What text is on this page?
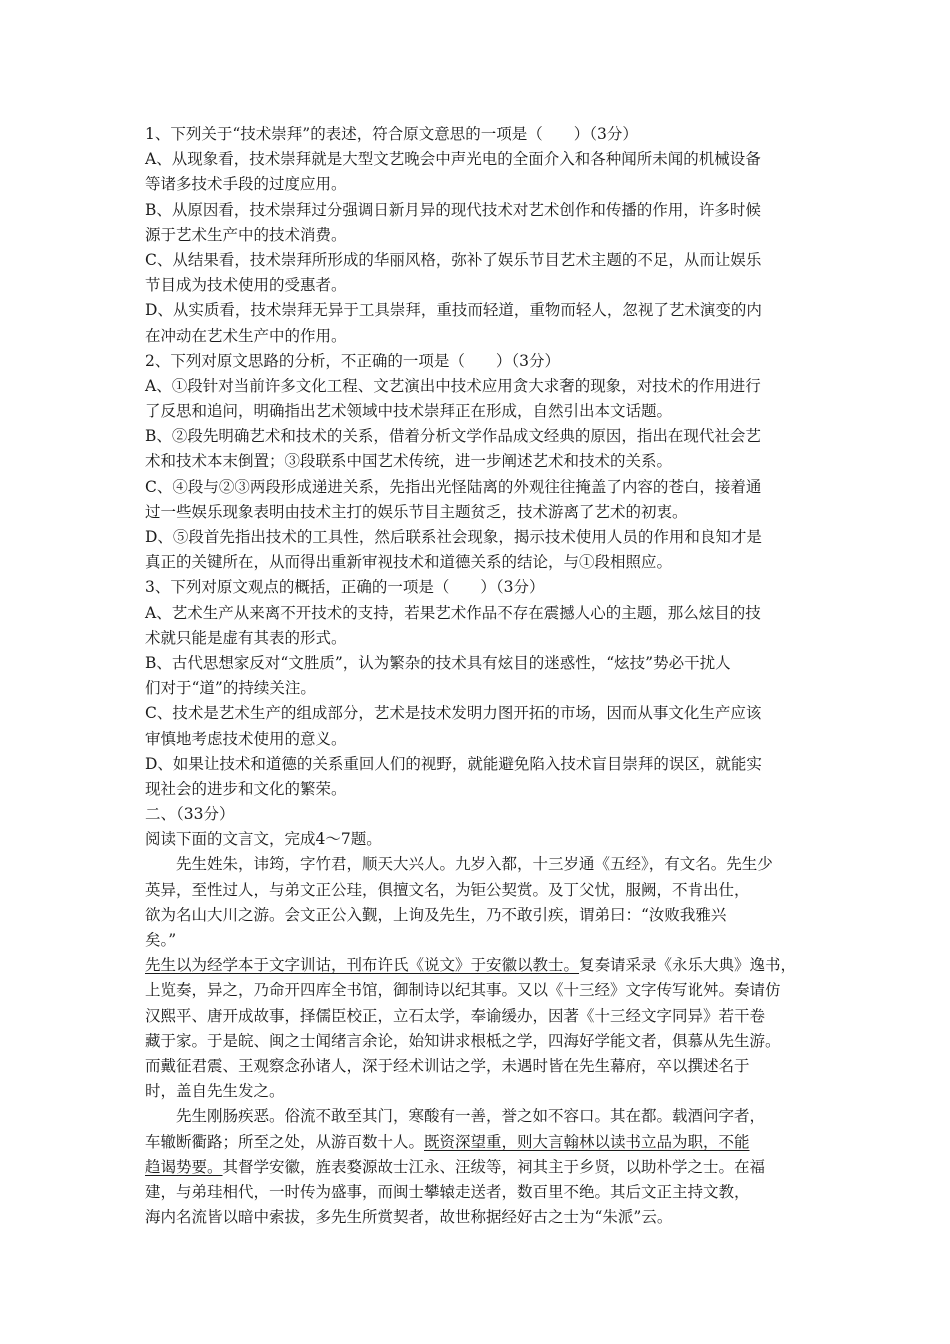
1、下列关于“技术崇拜”的表述，符合原文意思的一项是（　　）（3分）
A、从现象看，技术崇拜就是大型文艺晚会中声光电的全面介入和各种闻所未闻的机械设备
等诸多技术手段的过度应用。
B、从原因看，技术崇拜过分强调日新月异的现代技术对艺术创作和传播的作用，许多时候
源于艺术生产中的技术消费。
C、从结果看，技术崇拜所形成的华丽风格，弥补了娱乐节目艺术主题的不足，从而让娱乐
节目成为技术使用的受惠者。
D、从实质看，技术崇拜无异于工具崇拜，重技而轻道，重物而轻人，忽视了艺术演变的内
在冲动在艺术生产中的作用。
2、下列对原文思路的分析，不正确的一项是（　　）（3分）
A、①段针对当前许多文化工程、文艺演出中技术应用贪大求奢的现象，对技术的作用进行
了反思和追问，明确指出艺术领域中技术崇拜正在形成，自然引出本文话题。
B、②段先明确艺术和技术的关系，借着分析文学作品成文经典的原因，指出在现代社会艺
术和技术本末倒置；③段联系中国艺术传统，进一步阐述艺术和技术的关系。
C、④段与②③两段形成递进关系，先指出光怪陆离的外观往往掩盖了内容的苍白，接着通
过一些娱乐现象表明由技术主打的娱乐节目主题贫乏，技术游离了艺术的初衷。
D、⑤段首先指出技术的工具性，然后联系社会现象，揭示技术使用人员的作用和良知才是
真正的关键所在，从而得出重新审视技术和道德关系的结论，与①段相照应。
3、下列对原文观点的概括，正确的一项是（　　）（3分）
A、艺术生产从来离不开技术的支持，若果艺术作品不存在震撼人心的主题，那么炫目的技
术就只能是虚有其表的形式。
B、古代思想家反对“文胜质”，认为繁杂的技术具有炫目的迷惑性，“炫技”势必干扰人
们对于“道”的持续关注。
C、技术是艺术生产的组成部分，艺术是技术发明力图开拓的市场，因而从事文化生产应该
审慎地考虑技术使用的意义。
D、如果让技术和道德的关系重回人们的视野，就能避免陷入技术盲目崇拜的误区，就能实
现社会的进步和文化的繁荣。
二、（33分）
阅读下面的文言文，完成4～7题。
　　先生姓朱，讳筠，字竹君，顺天大兴人。九岁入都，十三岁通《五经》，有文名。先生少
英异，至性过人，与弟文正公珪，俱擅文名，为钜公契赏。及丁父忧，服阙，不肯出仕，
欲为名山大川之游。会文正公入觐，上询及先生，乃不敢引疾，谓弟曰：“汝败我雅兴
矣。”
先生以为经学本于文字训诂，刊布许氏《说文》于安徽以教士。复奏请采录《永乐大典》逸书，
上览奏，异之，乃命开四库全书馆，御制诗以纪其事。又以《十三经》文字传写讹舛。奏请仿
汉熙平、唐开成故事，择儒臣校正，立石太学，奉谕缓办，因著《十三经文字同异》若干卷
藏于家。于是皖、闽之士闻绪言余论，始知讲求根柢之学，四海好学能文者，俱慕从先生游。
而戴征君震、王观察念孙诸人，深于经术训诂之学，未遇时皆在先生幕府，卒以撰述名于
时，盖自先生发之。
　　先生刚肠疾恶。俗流不敢至其门，寒酸有一善，誉之如不容口。其在都。载酒问字者，
车辙断衢路；所至之处，从游百数十人。既资深望重，则大言翰林以读书立品为职，不能
趋谒势要。其督学安徽，旌表婺源故士江永、汪绂等，祠其主于乡贤，以助朴学之士。在福
建，与弟珪相代，一时传为盛事，而闽士攀辕走送者，数百里不绝。其后文正主持文教，
海内名流皆以暗中索拔，多先生所赏契者，故世称据经好古之士为“朱派”云。
